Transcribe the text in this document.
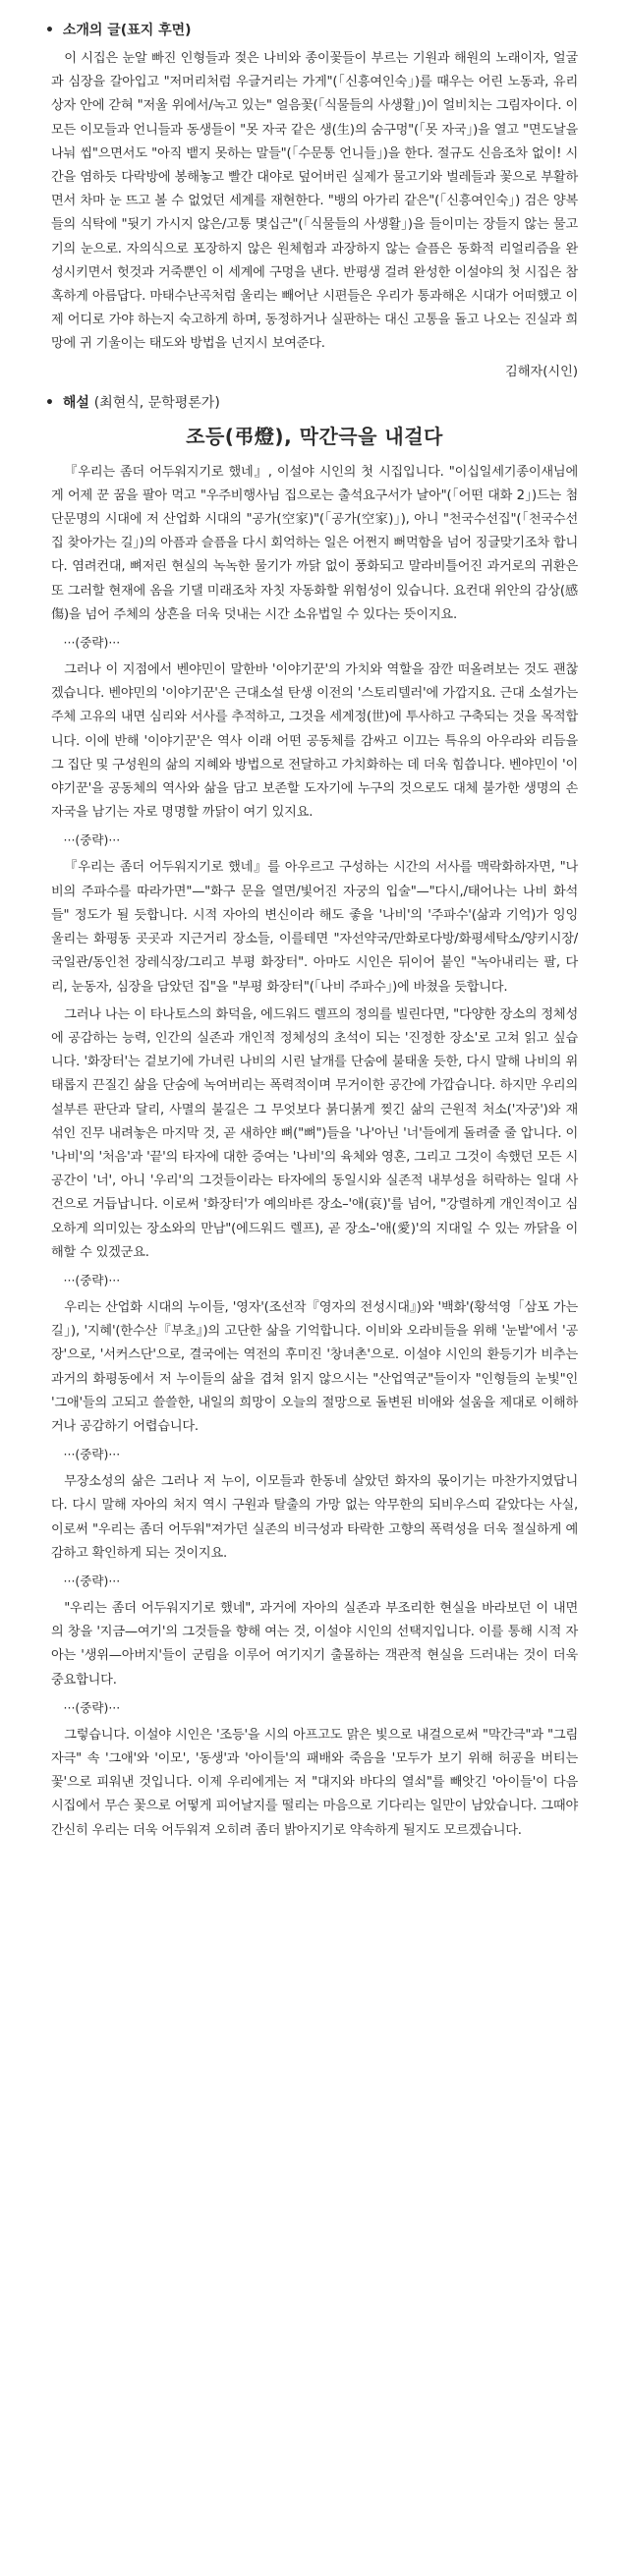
• 소개의 글(표지 후면)

이 시집은 눈알 빠진 인형들과 젖은 나비와 종이꽃들이 부르는 기원과 해원의 노래이자, 얼굴과 심장을 갈아입고 "저머리처럼 우글거리는 가게"(「신흥여인숙」)를 때우는 어린 노동과, 유리상자 안에 갇혀 "저울 위에서/녹고 있는" 얼음꽃(「식물들의 사생활」)이 얼비치는 그림자이다. 이 모든 이모들과 언니들과 동생들이 "못 자국 같은 생(生)의 숨구멍"(「못 자국」)을 열고 "면도날을 나눠 씹"으면서도 "아직 뱉지 못하는 말들"(「수문통 언니들」)을 한다. 절규도 신음조차 없이! 시간을 염하듯 다락방에 봉해놓고 빨간 대야로 덮어버린 실제가 물고기와 벌레들과 꽃으로 부활하면서 차마 눈 뜨고 볼 수 없었던 세계를 재현한다. "뱅의 아가리 같은"(「신흥여인숙」) 검은 양복들의 식탁에 "뒷기 가시지 않은/고통 몇십근"(「식물들의 사생활」)을 들이미는 장들지 않는 물고기의 눈으로. 자의식으로 포장하지 않은 원체험과 과장하지 않는 슬픔은 동화적 리얼리즘을 완성시키면서 헛것과 거죽뿐인 이 세계에 구멍을 낸다. 반평생 걸려 완성한 이설야의 첫 시집은 참혹하게 아름답다. 마태수난곡처럼 울리는 빼어난 시편들은 우리가 통과해온 시대가 어떠했고 이제 어디로 가야 하는지 숙고하게 하며, 동정하거나 실판하는 대신 고통을 돌고 나오는 진실과 희망에 귀 기울이는 태도와 방법을 넌지시 보여준다.

김해자(시인)
• 해설 (최현식, 문학평론가)
조등(弔燈), 막간극을 내걸다

『우리는 좀더 어두워지기로 했네』, 이설야 시인의 첫 시집입니다. "이십일세기종이새님에게 어제 꾼 꿈을 팔아 먹고 "우주비행사님 집으로는 출석요구서가 날아"(「어떤 대화 2」)드는 첨단문명의 시대에 저 산업화 시대의 "공가(空家)"(「공가(空家)」), 아니 "천국수선집"(「천국수선집 찾아가는 길」)의 아픔과 슬픔을 다시 회억하는 일은 어쩐지 뻐먹함을 넘어 징글맞기조차 합니다. 염려컨대, 뼈저린 현실의 녹녹한 물기가 까닭 없이 풍화되고 말라비틀어진 과거로의 귀환은 또 그러할 현재에 옴을 기댈 미래조차 자칫 자동화할 위험성이 있습니다. 요컨대 위안의 감상(感傷)을 넘어 주체의 상흔을 더욱 덧내는 시간 소유법일 수 있다는 뜻이지요.

···(중략)···

그러나 이 지점에서 벤야민이 말한바 '이야기꾼'의 가치와 역할을 잠깐 떠올려보는 것도 괜찮겠습니다. 벤야민의 '이야기꾼'은 근대소설 탄생 이전의 '스토리텔러'에 가깝지요. 근대 소설가는 주체 고유의 내면 심리와 서사를 추적하고, 그것을 세계정(世)에 투사하고 구축되는 것을 목적합니다. 이에 반해 '이야기꾼'은 역사 이래 어떤 공동체를 감싸고 이끄는 특유의 아우라와 리듬을 그 집단 및 구성원의 삶의 지혜와 방법으로 전달하고 가치화하는 데 더욱 힘씁니다. 벤야민이 '이야기꾼'을 공동체의 역사와 삶을 담고 보존할 도자기에 누구의 것으로도 대체 불가한 생명의 손자국을 남기는 자로 명명할 까닭이 여기 있지요.

···(중략)···

『우리는 좀더 어두워지기로 했네』를 아우르고 구성하는 시간의 서사를 맥락화하자면, "나비의 주파수를 따라가면"—"화구 문을 열면/빛어진 자궁의 입술"—"다시,/태어나는 나비 화석들" 정도가 될 듯합니다. 시적 자아의 변신이라 해도 좋을 '나비'의 '주파수'(삶과 기억)가 잉잉 울리는 화평동 곳곳과 지근거리 장소들, 이를테면 "자선약국/만화로다방/화평세탁소/양키시장/국일관/동인천 장레식장/그리고 부평 화장터". 아마도 시인은 뒤이어 붙인 "녹아내리는 팔, 다리, 눈동자, 심장을 담았던 집"을 "부평 화장터"(「나비 주파수」)에 바쳤을 듯합니다.

그러나 나는 이 타나토스의 화덕을, 에드워드 렐프의 정의를 빌린다면, "다양한 장소의 정체성에 공감하는 능력, 인간의 실존과 개인적 정체성의 초석이 되는 '진정한 장소'로 고쳐 읽고 싶습니다. '화장터'는 겉보기에 가녀린 나비의 시린 날개를 단숨에 불태울 듯한, 다시 말해 나비의 위태롭지 끈질긴 삶을 단숨에 녹여버리는 폭력적이며 무거이한 공간에 가깝습니다. 하지만 우리의 설부른 판단과 달리, 사멸의 불길은 그 무엇보다 붉디붉게 찢긴 삶의 근원적 처소('자궁')와 재 섞인 진무 내려놓은 마지막 것, 곧 새하얀 뼈("뼈")들을 '나'아닌 '너'들에게 돌려줄 줄 압니다. 이 '나비'의 '처음'과 '끝'의 타자에 대한 증여는 '나비'의 육체와 영혼, 그리고 그것이 속했던 모든 시공간이 '너', 아니 '우리'의 그것들이라는 타자에의 동일시와 실존적 내부성을 허락하는 일대 사건으로 거듭납니다. 이로써 '화장터'가 예의바른 장소–'애(哀)'를 넘어, "강렬하게 개인적이고 심오하게 의미있는 장소와의 만남"(에드워드 렐프), 곧 장소–'애(愛)'의 지대일 수 있는 까닭을 이해할 수 있겠군요.

···(중략)···

우리는 산업화 시대의 누이들, '영자'(조선작『영자의 전성시대』)와 '백화'(황석영「삼포 가는 길」), '지혜'(한수산『부초』)의 고단한 삶을 기억합니다. 이비와 오라비들을 위해 '눈밭'에서 '공장'으로, '서커스단'으로, 결국에는 역전의 후미진 '창녀촌'으로. 이설야 시인의 환등기가 비추는 과거의 화평동에서 저 누이들의 삶을 겹쳐 읽지 않으시는 "산업역군"들이자 "인형들의 눈빛"인 '그애'들의 고되고 쓸쓸한, 내일의 희망이 오늘의 절망으로 돌변된 비애와 설움을 제대로 이해하거나 공감하기 어렵습니다.

···(중략)···

무장소성의 삶은 그러나 저 누이, 이모들과 한동네 살았던 화자의 몫이기는 마찬가지였답니다. 다시 말해 자아의 처지 역시 구원과 탈출의 가망 없는 악무한의 되비우스띠 같았다는 사실, 이로써 "우리는 좀더 어두워"져가던 실존의 비극성과 타락한 고향의 폭력성을 더욱 절실하게 예감하고 확인하게 되는 것이지요.

···(중략)···

"우리는 좀더 어두워지기로 했네", 과거에 자아의 실존과 부조리한 현실을 바라보던 이 내면의 창을 '지금—여기'의 그것들을 향해 여는 것, 이설야 시인의 선택지입니다. 이를 통해 시적 자아는 '생위—아버지'들이 군림을 이루어 여기지기 출몰하는 객관적 현실을 드러내는 것이 더욱 중요합니다.

···(중략)···

그렇습니다. 이설야 시인은 '조등'을 시의 아프고도 맑은 빛으로 내걸으로써 "막간극"과 "그림자극" 속 '그애'와 '이모', '동생'과 '아이들'의 패배와 죽음을 '모두가 보기 위해 허공을 버티는 꽃'으로 피워낸 것입니다. 이제 우리에게는 저 "대지와 바다의 열쇠"를 빼앗긴 '아이들'이 다음 시집에서 무슨 꽃으로 어떻게 피어날지를 떨리는 마음으로 기다리는 일만이 남았습니다. 그때야 간신히 우리는 더욱 어두워져 오히려 좀더 밝아지기로 약속하게 될지도 모르겠습니다.
